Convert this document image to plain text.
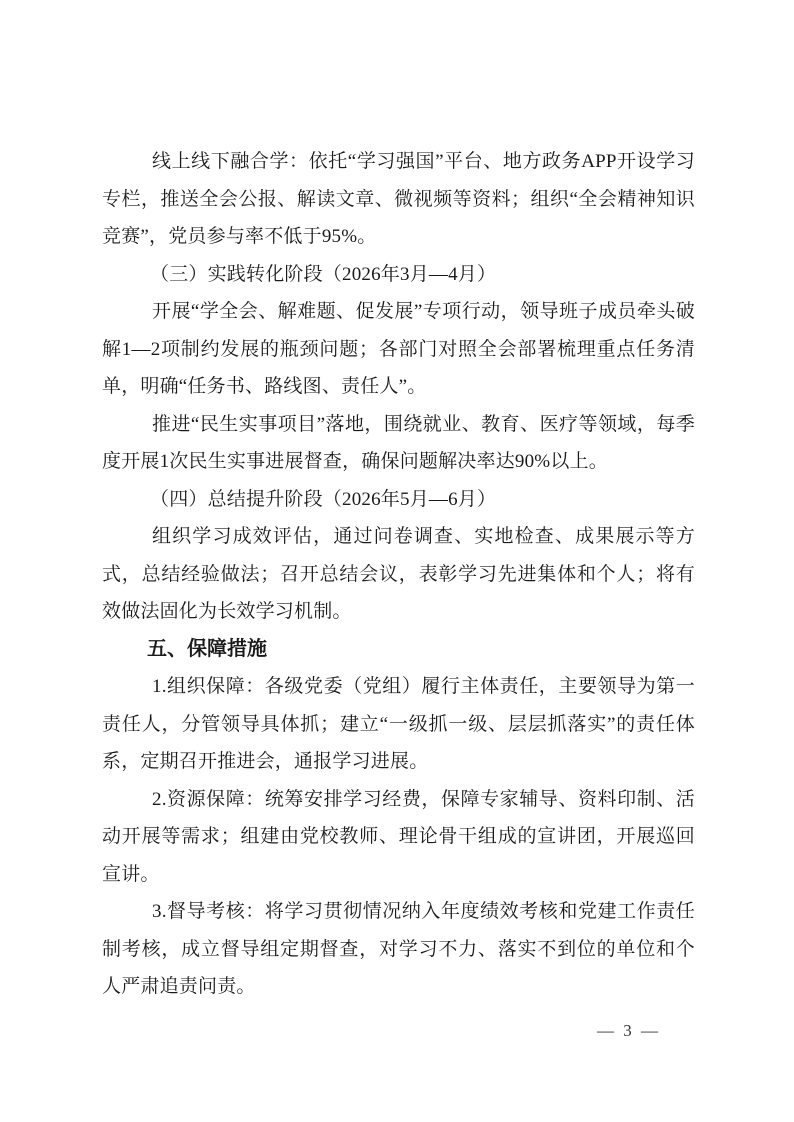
线上线下融合学：依托“学习强国”平台、地方政务APP开设学习专栏，推送全会公报、解读文章、微视频等资料；组织“全会精神知识竞赛”，党员参与率不低于95%。

（三）实践转化阶段（2026年3月—4月）

开展“学全会、解难题、促发展”专项行动，领导班子成员牵头破解1—2项制约发展的瓶颈问题；各部门对照全会部署梳理重点任务清单，明确“任务书、路线图、责任人”。

推进“民生实事项目”落地，围绕就业、教育、医疗等领域，每季度开展1次民生实事进展督查，确保问题解决率达90%以上。

（四）总结提升阶段（2026年5月—6月）

组织学习成效评估，通过问卷调查、实地检查、成果展示等方式，总结经验做法；召开总结会议，表彰学习先进集体和个人；将有效做法固化为长效学习机制。

五、保障措施

1.组织保障：各级党委（党组）履行主体责任，主要领导为第一责任人，分管领导具体抓；建立“一级抓一级、层层抓落实”的责任体系，定期召开推进会，通报学习进展。

2.资源保障：统筹安排学习经费，保障专家辅导、资料印制、活动开展等需求；组建由党校教师、理论骨干组成的宣讲团，开展巡回宣讲。

3.督导考核：将学习贯彻情况纳入年度绩效考核和党建工作责任制考核，成立督导组定期督查，对学习不力、落实不到位的单位和个人严肃追责问责。

— 3 —
